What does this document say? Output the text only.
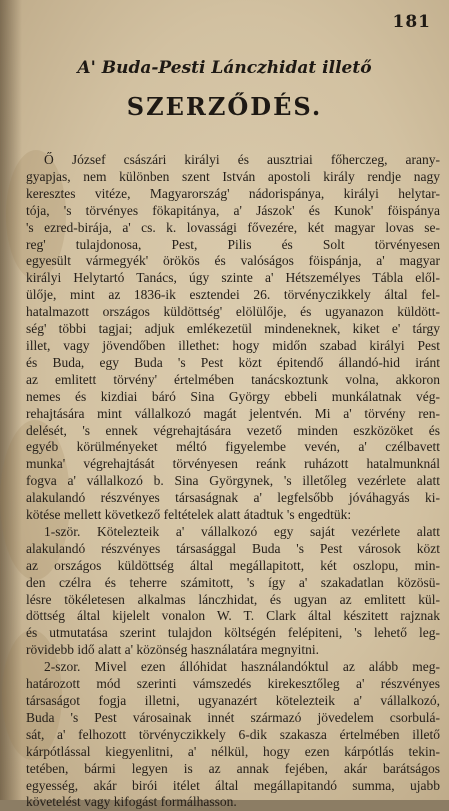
181
A' Buda-Pesti Lánczhidat illető
SZERZŐDÉS.
Ő József császári királyi és ausztriai főherczeg, arany-
gyapjas, nem különben szent István apostoli király rendje nagy
keresztes vitéze, Magyarország' nádorispánya, királyi helytar-
tója, 's törvényes fökapitánya, a' Jászok' és Kunok' föispánya
's ezred-birája, a' cs. k. lovassági fővezére, két magyar lovas se-
reg' tulajdonosa, Pest, Pilis és Solt törvényesen
egyesült vármegyék' örökös és valóságos föispánja, a' magyar
királyi Helytartó Tanács, úgy szinte a' Hétszemélyes Tábla elől-
ülője, mint az 1836-ik esztendei 26. törvényczikkely által fel-
hatalmazott országos küldöttség' elölülője, és ugyanazon küldött-
ség' többi tagjai; adjuk emlékezetül mindeneknek, kiket e' tárgy
illet, vagy jövendőben illethet: hogy midőn szabad királyi Pest
és Buda, egy Buda 's Pest közt épitendő állandó-hid iránt
az emlitett törvény' értelmében tanácskoztunk volna, akkoron
nemes és kizdiai báró Sina György ebbeli munkálatnak vég-
rehajtására mint vállalkozó magát jelentvén. Mi a' törvény ren-
delését, 's ennek végrehajtására vezető minden eszközöket és
egyéb körülményeket méltó figyelembe vevén, a' czélbavett
munka' végrehajtását törvényesen reánk ruházott hatalmunknál
fogva a' vállalkozó b. Sina Györgynek, 's illetőleg vezérlete alatt
alakulandó részvényes társaságnak a' legfelsőbb jóváhagyás ki-
kötése mellett következő feltételek alatt átadtuk 's engedtük:
1-ször. Kötelezteik a' vállalkozó egy saját vezérlete alatt
alakulandó részvényes társasággal Buda 's Pest városok közt
az országos küldöttség által megállapitott, két oszlopu, min-
den czélra és teherre számitott, 's így a' szakadatlan közösü-
lésre tökéletesen alkalmas lánczhidat, és ugyan az emlitett kül-
döttség által kijelelt vonalon W. T. Clark által készitett rajznak
és utmutatása szerint tulajdon költségén felépiteni, 's lehető leg-
rövidebb idő alatt a' közönség használatára megnyitni.
2-szor. Mivel ezen állóhidat használandóktul az alább meg-
határozott mód szerinti vámszedés kirekesztőleg a' részvényes
társaságot fogja illetni, ugyanazért kötelezteik a' vállalkozó,
Buda 's Pest városainak innét származó jövedelem csorbulá-
sát, a' felhozott törvényczikkely 6-dik szakasza értelmében illető
kárpótlással kiegyenlitni, a' nélkül, hogy ezen kárpótlás tekin-
tetében, bármi legyen is az annak fejében, akár barátságos
egyesség, akár birói itélet által megállapitandó summa, ujabb
követelést vagy kifogást formálhasson.
